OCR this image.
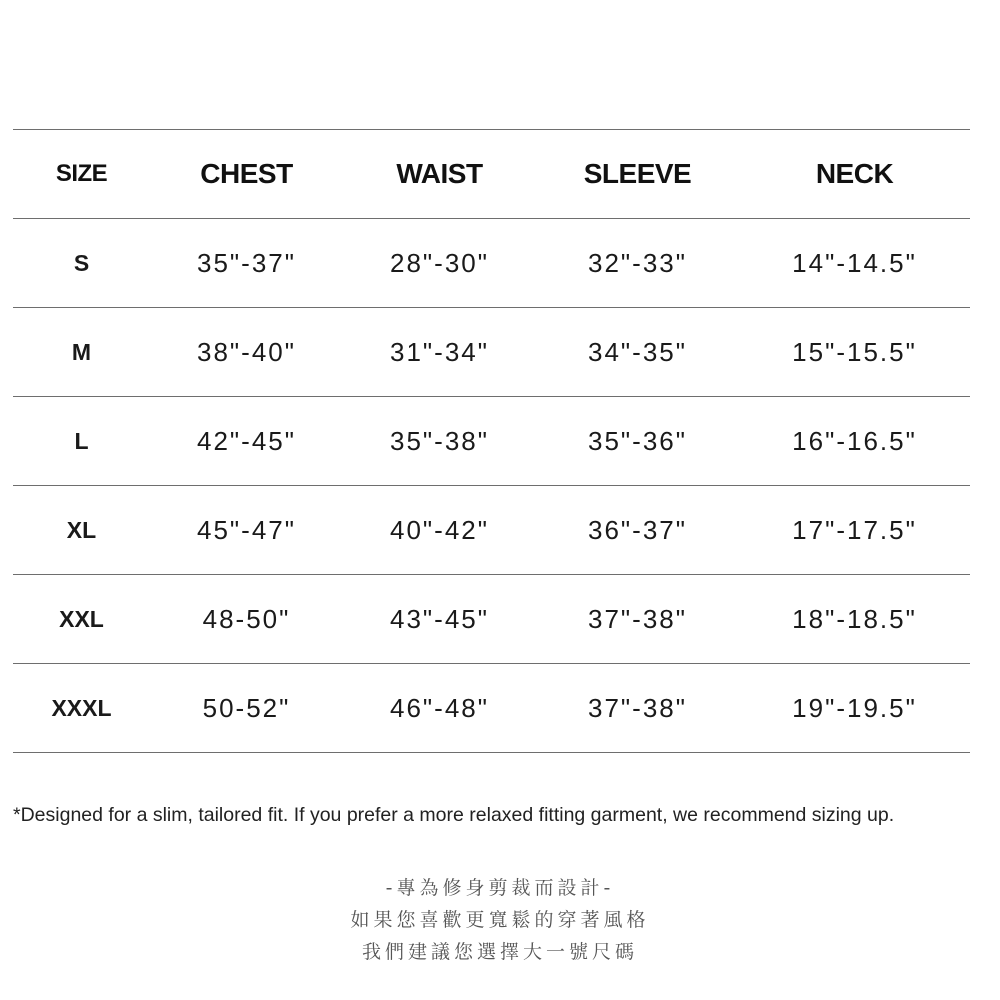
SIZE	CHEST	WAIST	SLEEVE	NECK
S	35"-37"	28"-30"	32"-33"	14"-14.5"
M	38"-40"	31"-34"	34"-35"	15"-15.5"
L	42"-45"	35"-38"	35"-36"	16"-16.5"
XL	45"-47"	40"-42"	36"-37"	17"-17.5"
XXL	48-50"	43"-45"	37"-38"	18"-18.5"
XXXL	50-52"	46"-48"	37"-38"	19"-19.5"
*Designed for a slim, tailored fit. If you prefer a more relaxed fitting garment, we recommend sizing up.
-專為修身剪裁而設計-
如果您喜歡更寬鬆的穿著風格
我們建議您選擇大一號尺碼
